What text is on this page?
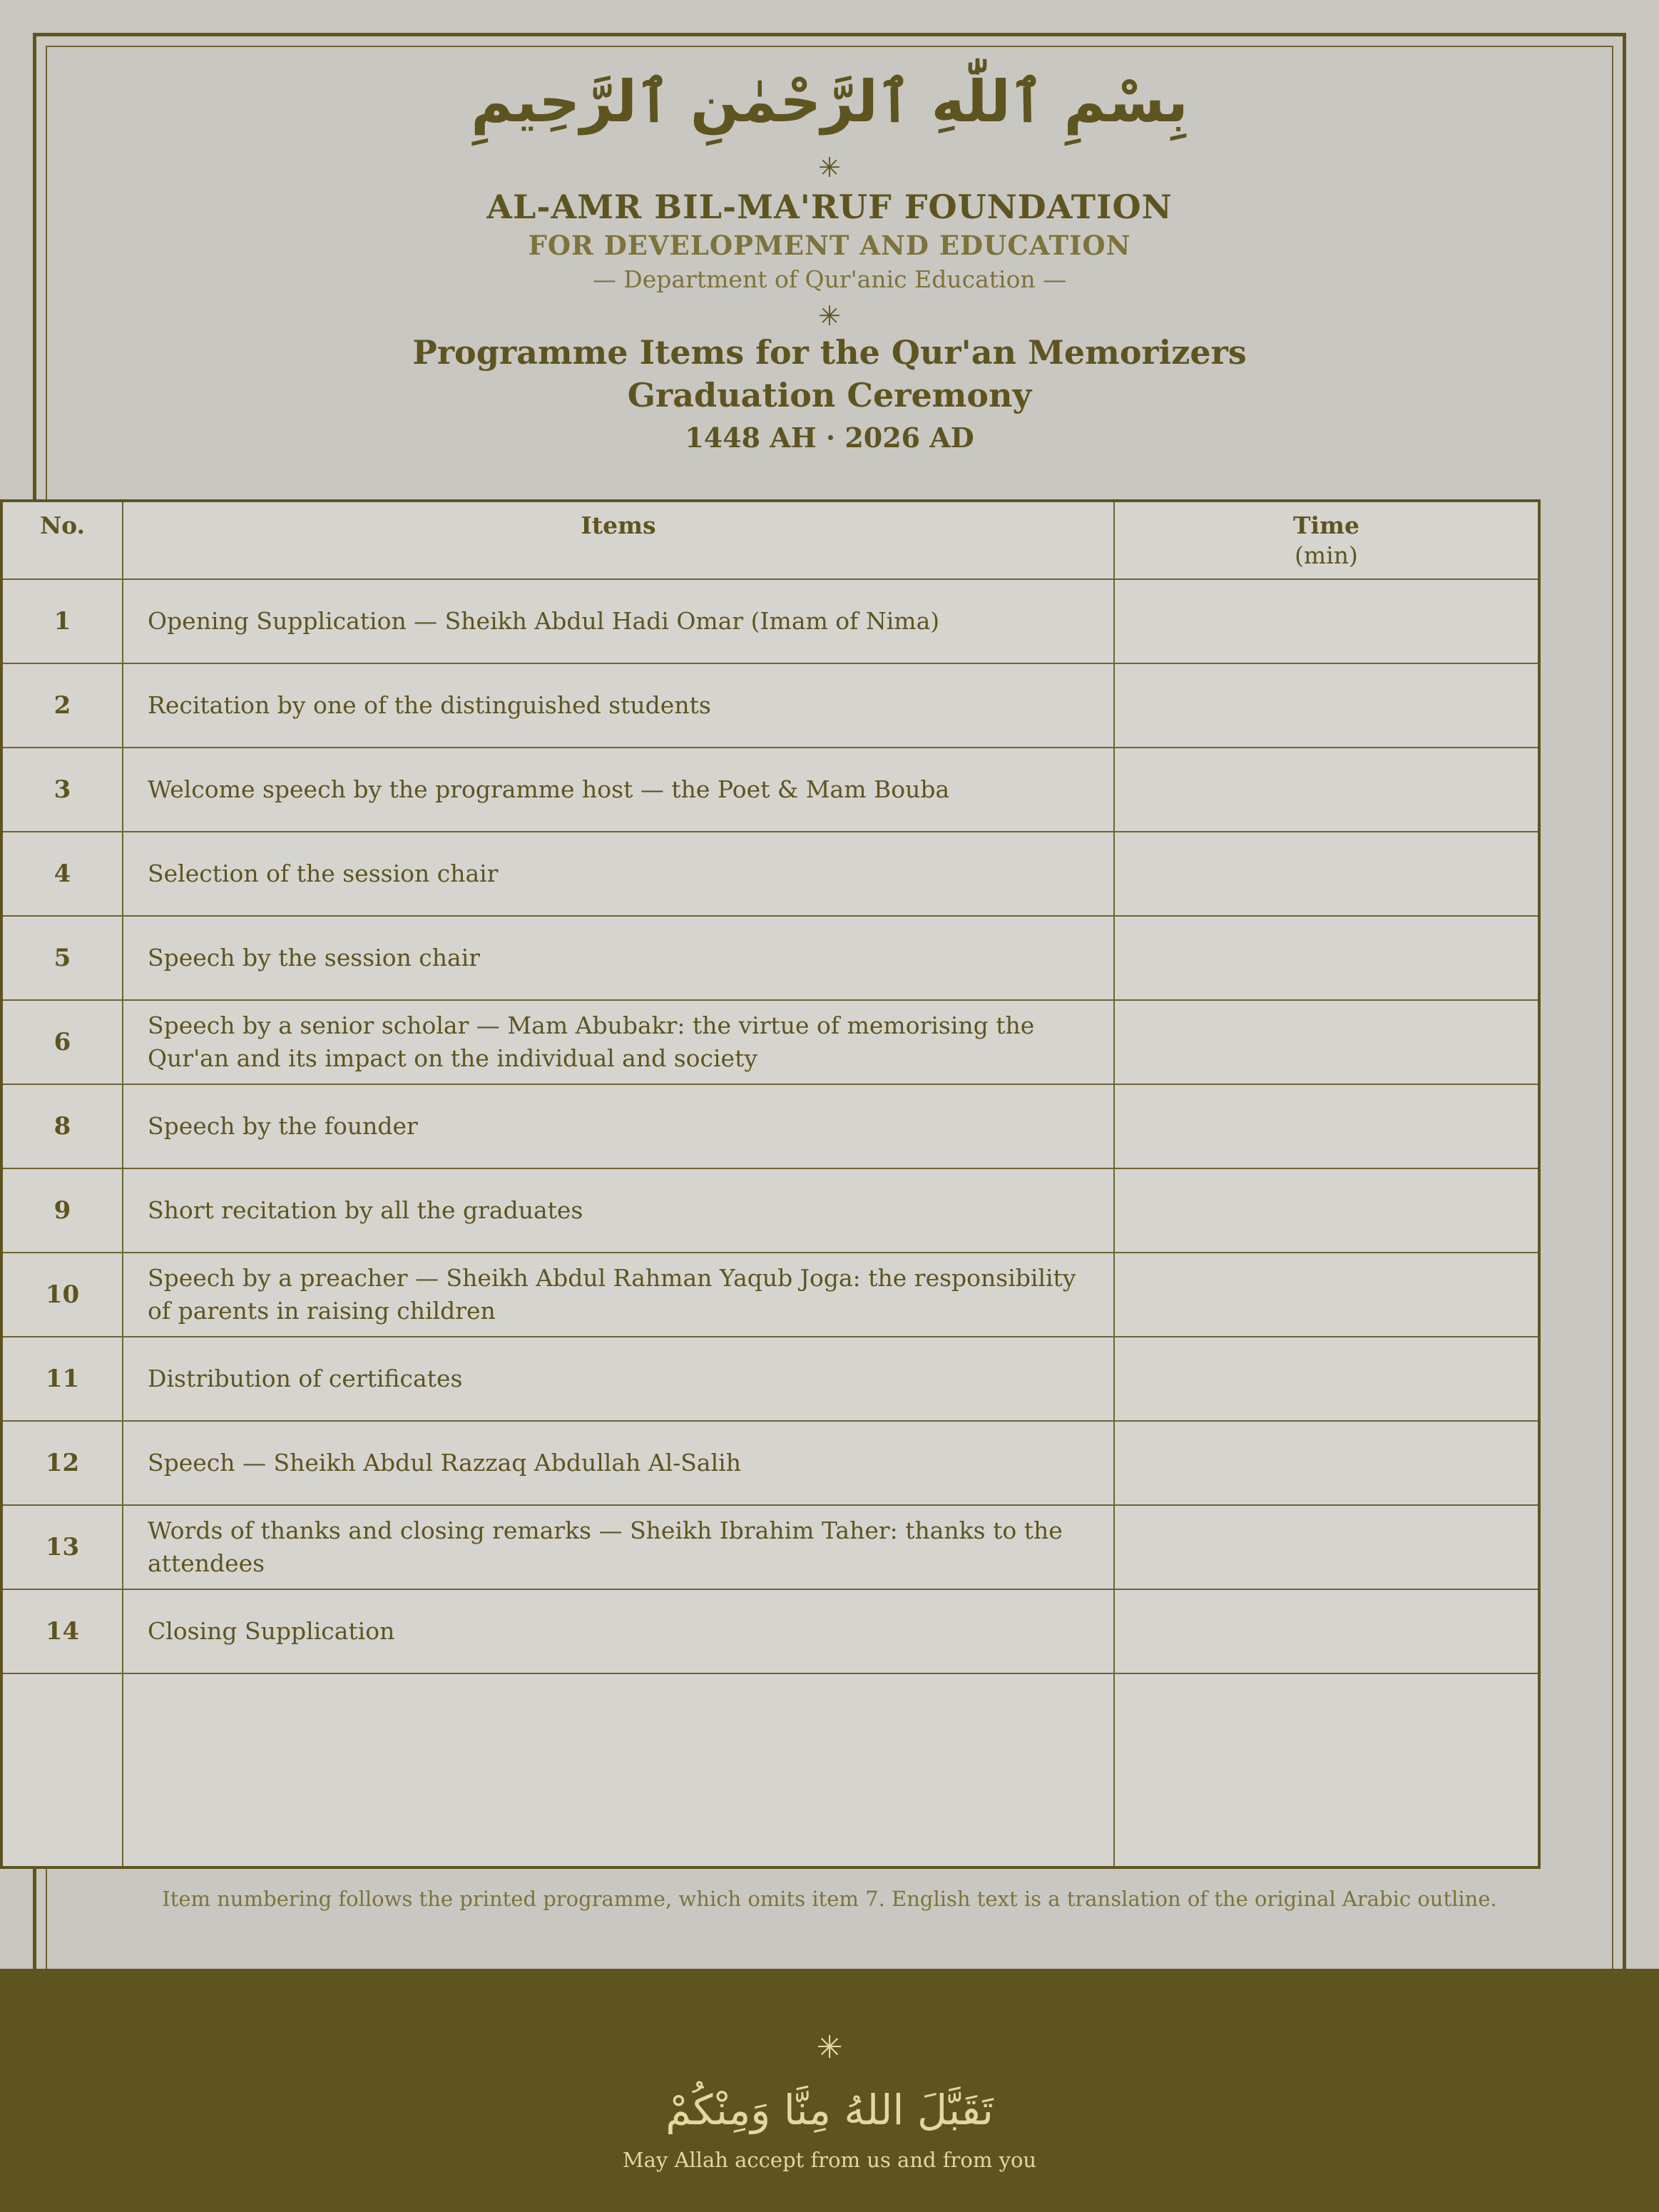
بِسْمِ ٱللّٰهِ ٱلرَّحْمٰنِ ٱلرَّحِيمِ
✳
AL-AMR BIL-MA'RUF FOUNDATION
FOR DEVELOPMENT AND EDUCATION
— Department of Qur'anic Education —
✳
Programme Items for the Qur'an Memorizers
Graduation Ceremony
1448 AH · 2026 AD
No.	Items	Time
(min)

1	Opening Supplication — Sheikh Abdul Hadi Omar (Imam of Nima)	
2	Recitation by one of the distinguished students	
3	Welcome speech by the programme host — the Poet & Mam Bouba	
4	Selection of the session chair	
5	Speech by the session chair	
6	Speech by a senior scholar — Mam Abubakr: the virtue of memorising the Qur'an and its impact on the individual and society	
8	Speech by the founder	
9	Short recitation by all the graduates	
10	Speech by a preacher — Sheikh Abdul Rahman Yaqub Joga: the responsibility of parents in raising children	
11	Distribution of certificates	
12	Speech — Sheikh Abdul Razzaq Abdullah Al-Salih	
13	Words of thanks and closing remarks — Sheikh Ibrahim Taher: thanks to the attendees	
14	Closing Supplication	

Item numbering follows the printed programme, which omits item 7. English text is a translation of the original Arabic outline.
✳
تَقَبَّلَ اللهُ مِنَّا وَمِنْكُمْ
May Allah accept from us and from you
